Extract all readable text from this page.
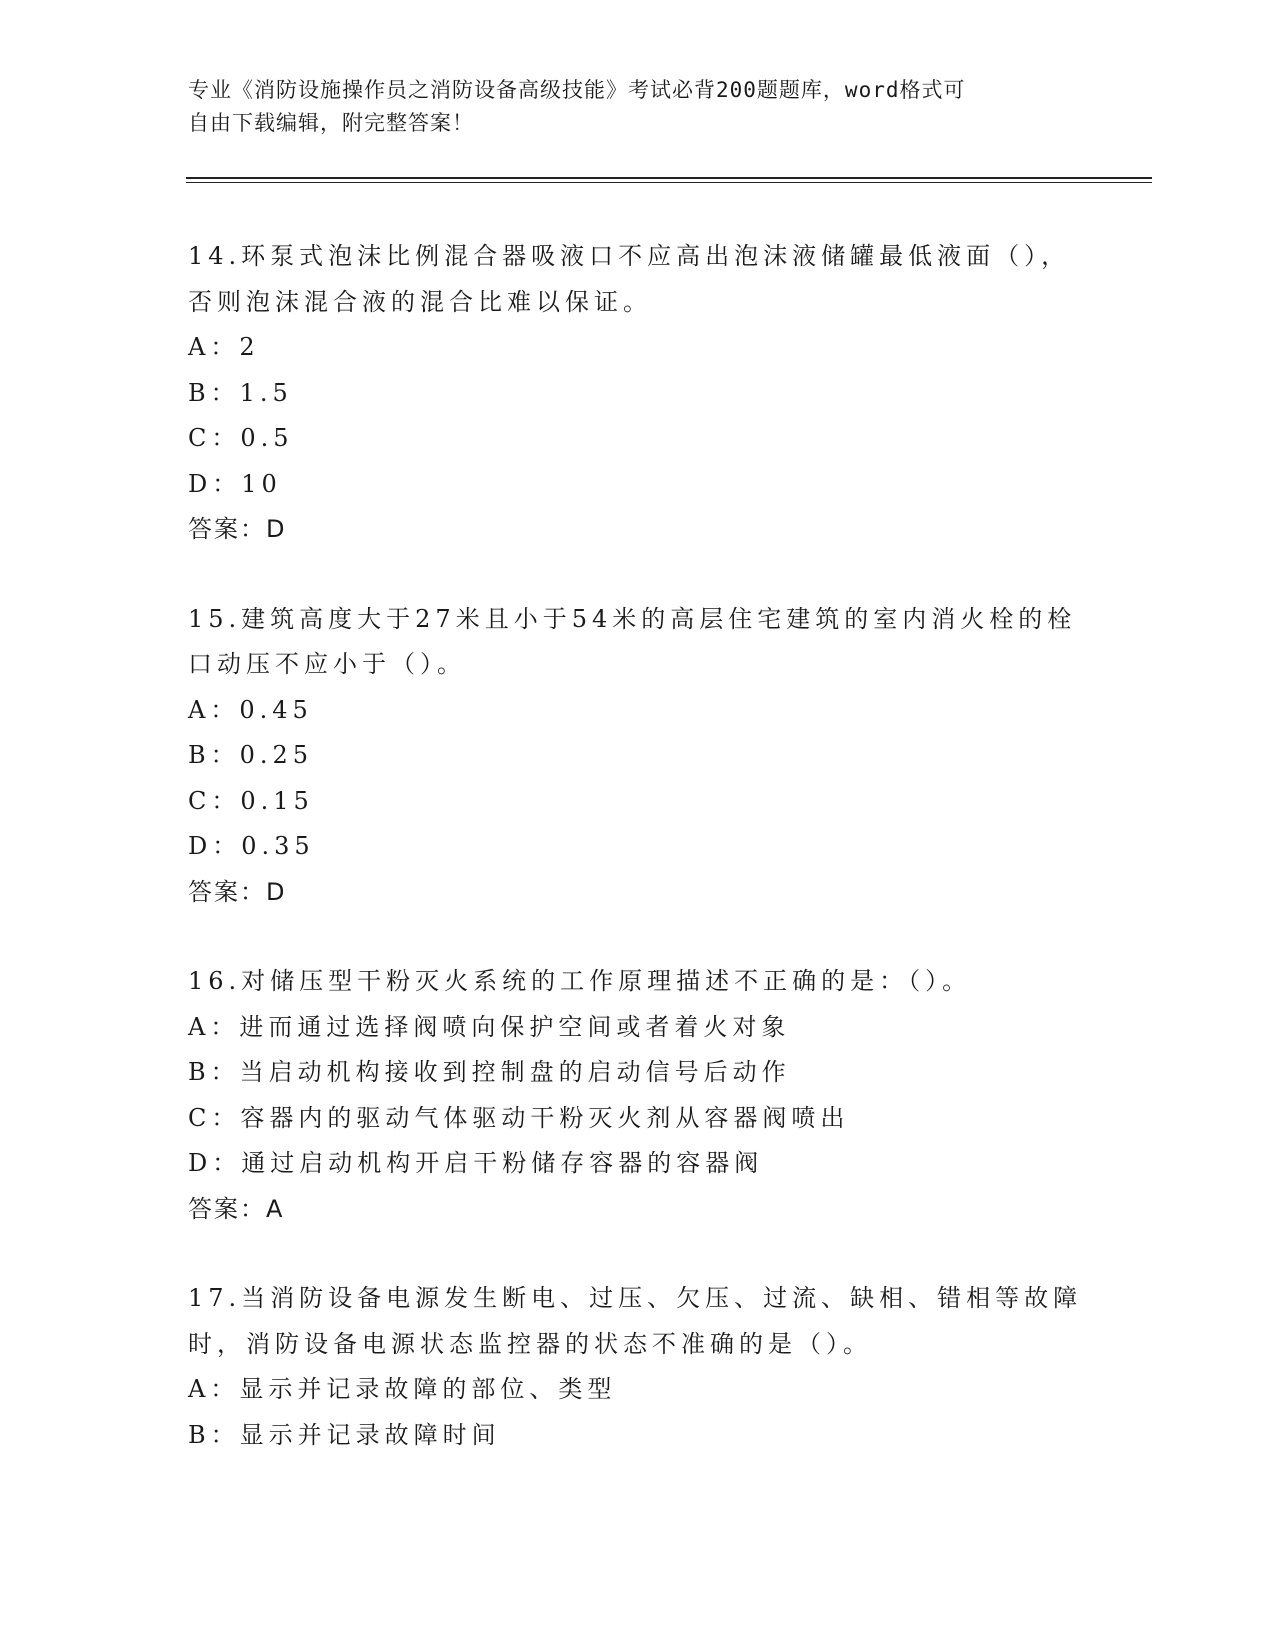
专业《消防设施操作员之消防设备高级技能》考试必背200题题库，word格式可
自由下载编辑，附完整答案！
14.环泵式泡沫比例混合器吸液口不应高出泡沫液储罐最低液面（），
否则泡沫混合液的混合比难以保证。
A：2
B：1.5
C：0.5
D：10
答案：D
15.建筑高度大于27米且小于54米的高层住宅建筑的室内消火栓的栓
口动压不应小于（）。
A：0.45
B：0.25
C：0.15
D：0.35
答案：D
16.对储压型干粉灭火系统的工作原理描述不正确的是：（）。
A：进而通过选择阀喷向保护空间或者着火对象
B：当启动机构接收到控制盘的启动信号后动作
C：容器内的驱动气体驱动干粉灭火剂从容器阀喷出
D：通过启动机构开启干粉储存容器的容器阀
答案：A
17.当消防设备电源发生断电、过压、欠压、过流、缺相、错相等故障
时，消防设备电源状态监控器的状态不准确的是（）。
A：显示并记录故障的部位、类型
B：显示并记录故障时间
